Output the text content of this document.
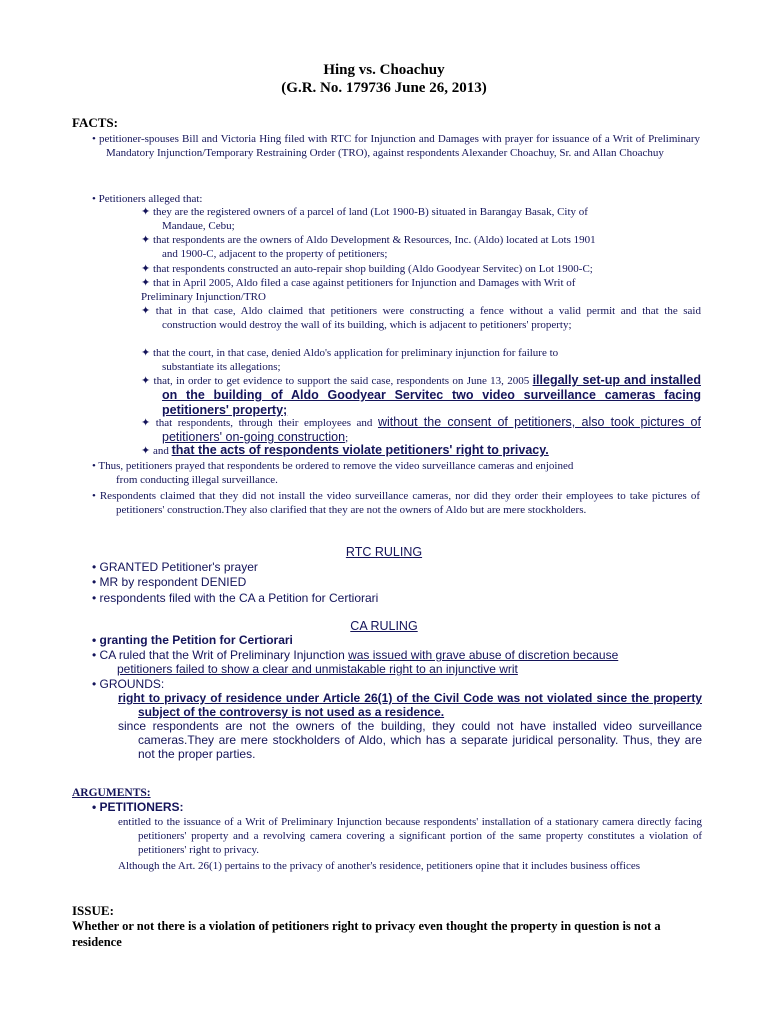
Hing vs. Choachuy
(G.R. No. 179736 June 26, 2013)
FACTS:
• petitioner-spouses Bill and Victoria Hing filed with RTC for Injunction and Damages with prayer for issuance of a Writ of Preliminary Mandatory Injunction/Temporary Restraining Order (TRO), against respondents Alexander Choachuy, Sr. and Allan Choachuy
• Petitioners alleged that:
✦ they are the registered owners of a parcel of land (Lot 1900-B) situated in Barangay Basak, City of
Mandaue, Cebu;
✦ that respondents are the owners of Aldo Development & Resources, Inc. (Aldo) located at Lots 1901
and 1900-C, adjacent to the property of petitioners;
✦ that respondents constructed an auto-repair shop building (Aldo Goodyear Servitec) on Lot 1900-C;
✦ that in April 2005, Aldo filed a case against petitioners for Injunction and Damages with Writ of
Preliminary Injunction/TRO
✦ that in that case, Aldo claimed that petitioners were constructing a fence without a valid permit and that the said construction would destroy the wall of its building, which is adjacent to petitioners' property;
✦ that the court, in that case, denied Aldo's application for preliminary injunction for failure to
substantiate its allegations;
✦ that, in order to get evidence to support the said case, respondents on June 13, 2005 illegally set-up and installed on the building of Aldo Goodyear Servitec two video surveillance cameras facing petitioners' property;
✦ that respondents, through their employees and without the consent of petitioners, also took pictures of petitioners' on-going construction;
✦ and that the acts of respondents violate petitioners' right to privacy.
• Thus, petitioners prayed that respondents be ordered to remove the video surveillance cameras and enjoined
from conducting illegal surveillance.
• Respondents claimed that they did not install the video surveillance cameras, nor did they order their employees to take pictures of petitioners' construction.They also clarified that they are not the owners of Aldo but are mere stockholders.
RTC RULING
• GRANTED Petitioner's prayer
• MR by respondent DENIED
• respondents filed with the CA a Petition for Certiorari
CA RULING
• granting the Petition for Certiorari
• CA ruled that the Writ of Preliminary Injunction was issued with grave abuse of discretion because
petitioners failed to show a clear and unmistakable right to an injunctive writ
• GROUNDS:
right to privacy of residence under Article 26(1) of the Civil Code was not violated since the property subject of the controversy is not used as a residence.
since respondents are not the owners of the building, they could not have installed video surveillance cameras.They are mere stockholders of Aldo, which has a separate juridical personality. Thus, they are not the proper parties.
ARGUMENTS:
• PETITIONERS:
entitled to the issuance of a Writ of Preliminary Injunction because respondents' installation of a stationary camera directly facing petitioners' property and a revolving camera covering a significant portion of the same property constitutes a violation of petitioners' right to privacy.
Although the Art. 26(1) pertains to the privacy of another's residence, petitioners opine that it includes business offices
ISSUE:
Whether or not there is a violation of petitioners right to privacy even thought the property in question is not a residence
